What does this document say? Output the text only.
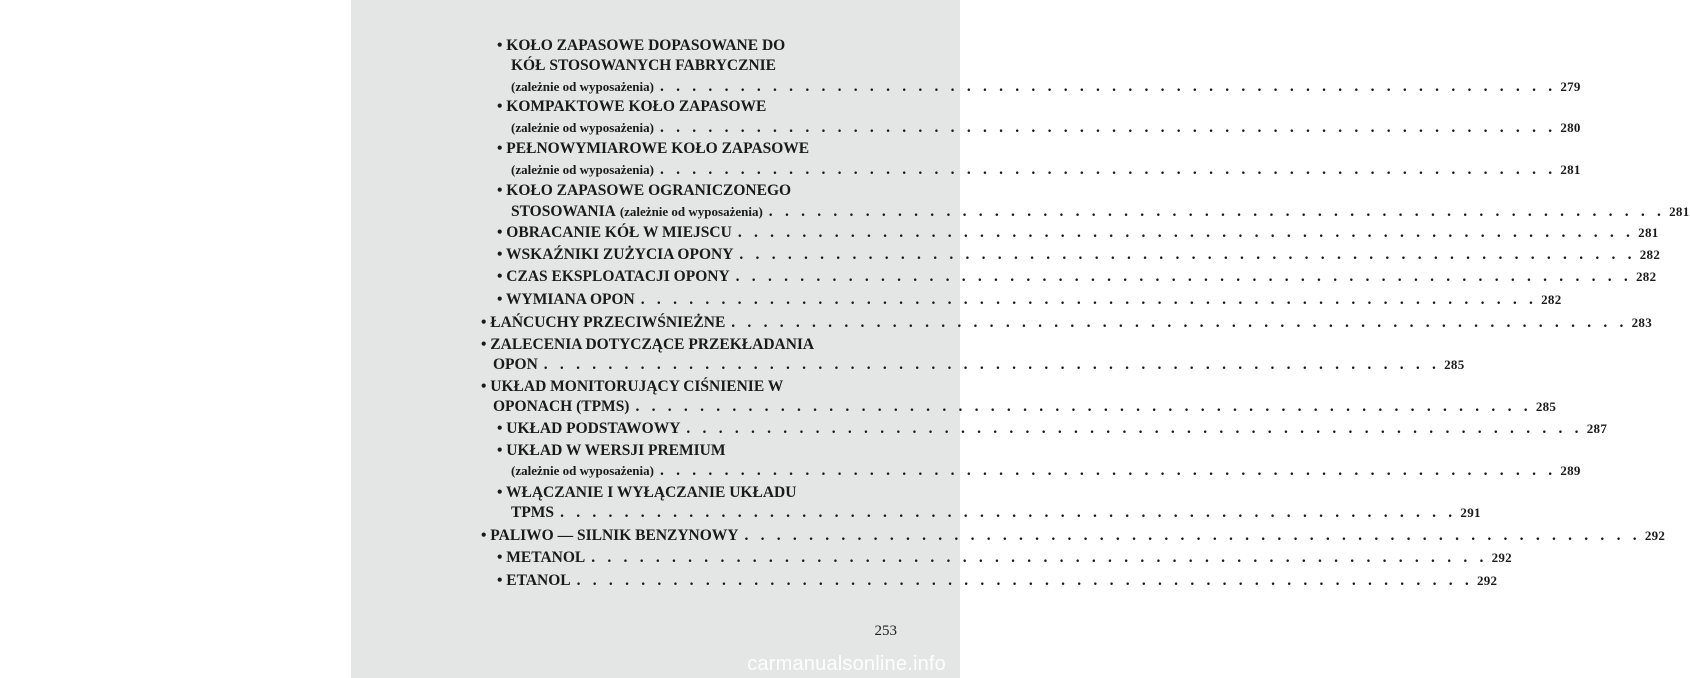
• KOŁO ZAPASOWE DOPASOWANE DO
KÓŁ STOSOWANYCH FABRYCZNIE
(zależnie od wyposażenia) . . . . . . . . . . . . . . . . . . . . . . . . . . . . . . . . . . . . . . . . . . . . . . . . . . . . . . . . 279
• KOMPAKTOWE KOŁO ZAPASOWE
(zależnie od wyposażenia) . . . . . . . . . . . . . . . . . . . . . . . . . . . . . . . . . . . . . . . . . . . . . . . . . . . . . . . . 280
• PEŁNOWYMIAROWE KOŁO ZAPASOWE
(zależnie od wyposażenia) . . . . . . . . . . . . . . . . . . . . . . . . . . . . . . . . . . . . . . . . . . . . . . . . . . . . . . . . 281
• KOŁO ZAPASOWE OGRANICZONEGO
STOSOWANIA (zależnie od wyposażenia) . . . . . . . . . . . . . . . . . . . . . . . . . . . . . . . . . . . . . . . . . . . . . . . . . . . . . . . . 281
• OBRACANIE KÓŁ W MIEJSCU . . . . . . . . . . . . . . . . . . . . . . . . . . . . . . . . . . . . . . . . . . . . . . . . . . . . . . . . 281
• WSKAŹNIKI ZUŻYCIA OPONY . . . . . . . . . . . . . . . . . . . . . . . . . . . . . . . . . . . . . . . . . . . . . . . . . . . . . . . . 282
• CZAS EKSPLOATACJI OPONY . . . . . . . . . . . . . . . . . . . . . . . . . . . . . . . . . . . . . . . . . . . . . . . . . . . . . . . . 282
• WYMIANA OPON . . . . . . . . . . . . . . . . . . . . . . . . . . . . . . . . . . . . . . . . . . . . . . . . . . . . . . . . 282
• ŁAŃCUCHY PRZECIWŚNIEŻNE . . . . . . . . . . . . . . . . . . . . . . . . . . . . . . . . . . . . . . . . . . . . . . . . . . . . . . . . 283
• ZALECENIA DOTYCZĄCE PRZEKŁADANIA
OPON . . . . . . . . . . . . . . . . . . . . . . . . . . . . . . . . . . . . . . . . . . . . . . . . . . . . . . . . 285
• UKŁAD MONITORUJĄCY CIŚNIENIE W
OPONACH (TPMS) . . . . . . . . . . . . . . . . . . . . . . . . . . . . . . . . . . . . . . . . . . . . . . . . . . . . . . . . 285
• UKŁAD PODSTAWOWY . . . . . . . . . . . . . . . . . . . . . . . . . . . . . . . . . . . . . . . . . . . . . . . . . . . . . . . . 287
• UKŁAD W WERSJI PREMIUM
(zależnie od wyposażenia) . . . . . . . . . . . . . . . . . . . . . . . . . . . . . . . . . . . . . . . . . . . . . . . . . . . . . . . . 289
• WŁĄCZANIE I WYŁĄCZANIE UKŁADU
TPMS . . . . . . . . . . . . . . . . . . . . . . . . . . . . . . . . . . . . . . . . . . . . . . . . . . . . . . . . 291
• PALIWO — SILNIK BENZYNOWY . . . . . . . . . . . . . . . . . . . . . . . . . . . . . . . . . . . . . . . . . . . . . . . . . . . . . . . . 292
• METANOL . . . . . . . . . . . . . . . . . . . . . . . . . . . . . . . . . . . . . . . . . . . . . . . . . . . . . . . . 292
• ETANOL . . . . . . . . . . . . . . . . . . . . . . . . . . . . . . . . . . . . . . . . . . . . . . . . . . . . . . . . 292
253
carmanualsonline.info
